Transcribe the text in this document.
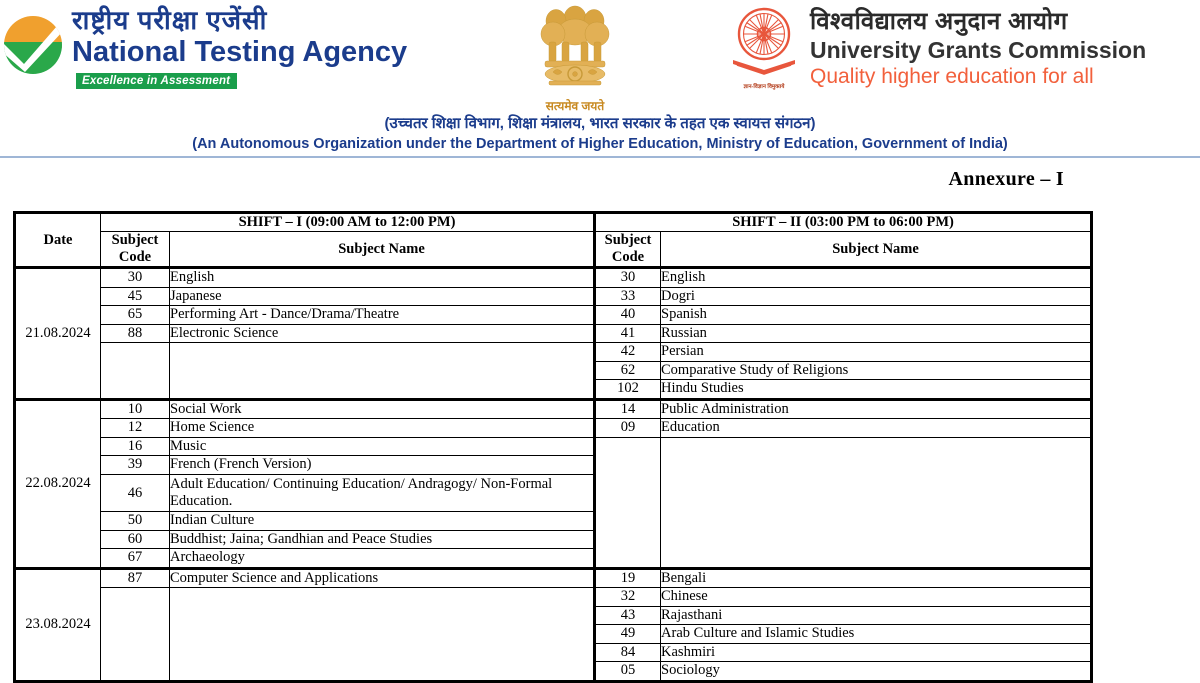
राष्ट्रीय परीक्षा एजेंसी
National Testing Agency
Excellence in Assessment
सत्यमेव जयते
ज्ञान-विज्ञान विमुक्तये
विश्वविद्यालय अनुदान आयोग
University Grants Commission
Quality higher education for all
(उच्चतर शिक्षा विभाग, शिक्षा मंत्रालय, भारत सरकार के तहत एक स्वायत्त संगठन)
(An Autonomous Organization under the Department of Higher Education, Ministry of Education, Government of India)
Annexure – I
Date	SHIFT – I (09:00 AM to 12:00 PM)		SHIFT – II (03:00 PM to 06:00 PM)	
	Subject Code	Subject Name	Subject Code	Subject Name
21.08.2024	30	English	30	English
	45	Japanese	33	Dogri
	65	Performing Art - Dance/Drama/Theatre	40	Spanish
	88	Electronic Science	41	Russian
			42	Persian
			62	Comparative Study of Religions
			102	Hindu Studies
22.08.2024	10	Social Work	14	Public Administration
	12	Home Science	09	Education
	16	Music		
	39	French (French Version)		
	46	Adult Education/ Continuing Education/ Andragogy/ Non-Formal Education.		

	50	Indian Culture		
	60	Buddhist; Jaina; Gandhian and Peace Studies		
	67	Archaeology		
23.08.2024	87	Computer Science and Applications	19	Bengali
			32	Chinese
			43	Rajasthani
			49	Arab Culture and Islamic Studies
			84	Kashmiri
			05	Sociology
